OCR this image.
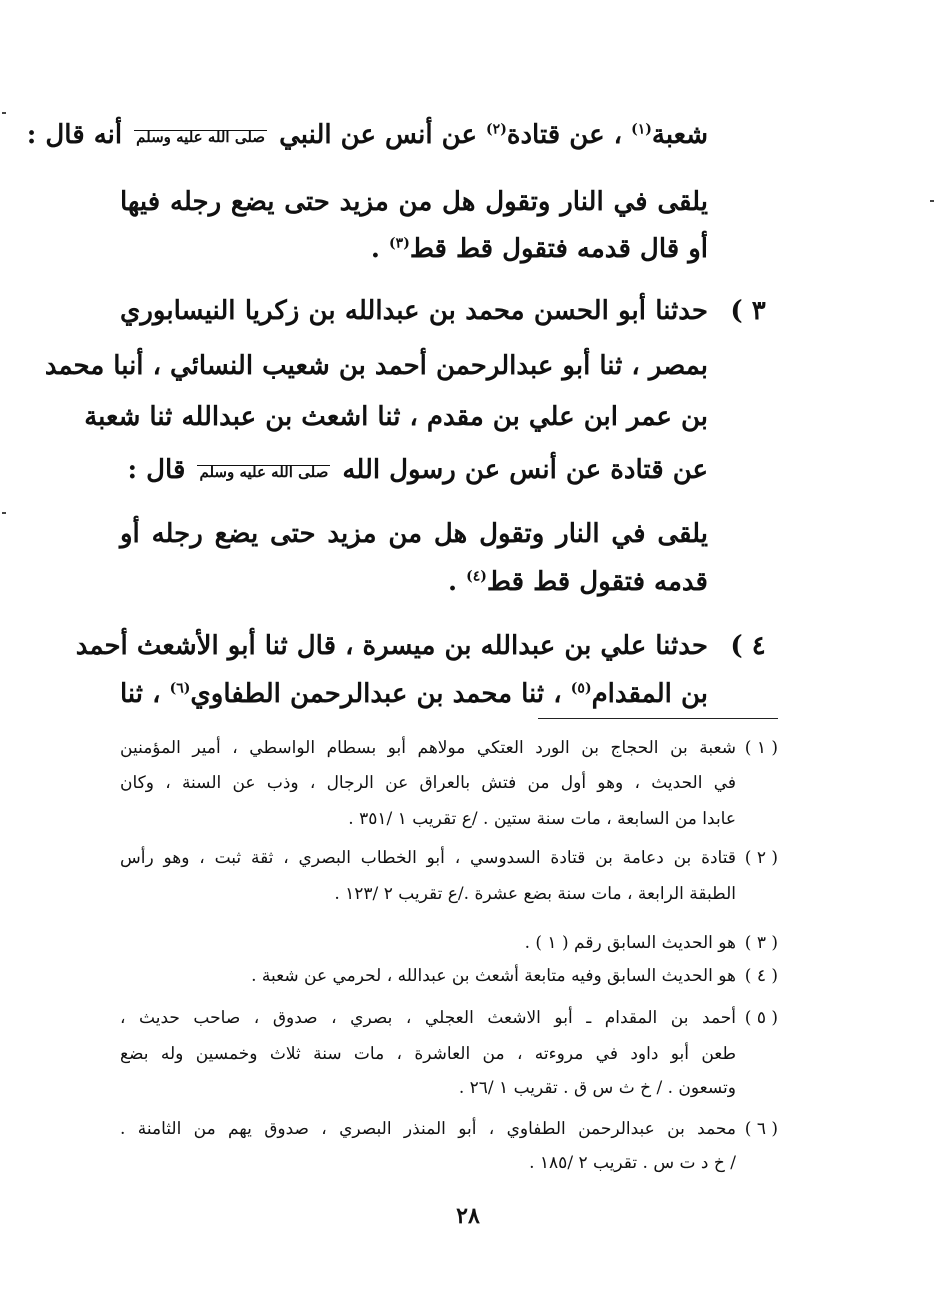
شعبة$^{(١)}$ ، عن قتادة$^{(٢)}$ عن أنس عن النبي صلى الله عليه وسلم أنه قال :
يلقى في النار وتقول هل من مزيد حتى يضع رجله فيها
أو قال قدمه فتقول قط قط$^{(٣)}$ .
٣ )
حدثنا أبو الحسن محمد بن عبدالله بن زكريا النيسابوري
بمصر ، ثنا أبو عبدالرحمن أحمد بن شعيب النسائي ، أنبا محمد
بن عمر ابن علي بن مقدم ، ثنا اشعث بن عبدالله ثنا شعبة
عن قتادة عن أنس عن رسول الله صلى الله عليه وسلم قال :
يلقى في النار وتقول هل من مزيد حتى يضع رجله أو
قدمه فتقول قط قط$^{(٤)}$ .
٤ )
حدثنا علي بن عبدالله بن ميسرة ، قال ثنا أبو الأشعث أحمد
بن المقدام$^{(٥)}$ ، ثنا محمد بن عبدالرحمن الطفاوي$^{(٦)}$ ، ثنا
( ١ )
شعبة بن الحجاج بن الورد العتكي مولاهم أبو بسطام الواسطي ، أمير المؤمنين
في الحديث ، وهو أول من فتش بالعراق عن الرجال ، وذب عن السنة ، وكان
عابدا من السابعة ، مات سنة ستين . /ع تقريب ١ /٣٥١ .
( ٢ )
قتادة بن دعامة بن قتادة السدوسي ، أبو الخطاب البصري ، ثقة ثبت ، وهو رأس
الطبقة الرابعة ، مات سنة بضع عشرة ./ع تقريب ٢ /١٢٣ .
( ٣ )
هو الحديث السابق رقم ( ١ ) .
( ٤ )
هو الحديث السابق وفيه متابعة أشعث بن عبدالله ، لحرمي عن شعبة .
( ٥ )
أحمد بن المقدام ـ أبو الاشعث العجلي ، بصري ، صدوق ، صاحب حديث ،
طعن أبو داود في مروءته ، من العاشرة ، مات سنة ثلاث وخمسين وله بضع
وتسعون . / خ ث س ق . تقريب ١ /٢٦ .
( ٦ )
محمد بن عبدالرحمن الطفاوي ، أبو المنذر البصري ، صدوق يهم من الثامنة .
/ خ د ت س . تقريب ٢ /١٨٥ .
٢٨
